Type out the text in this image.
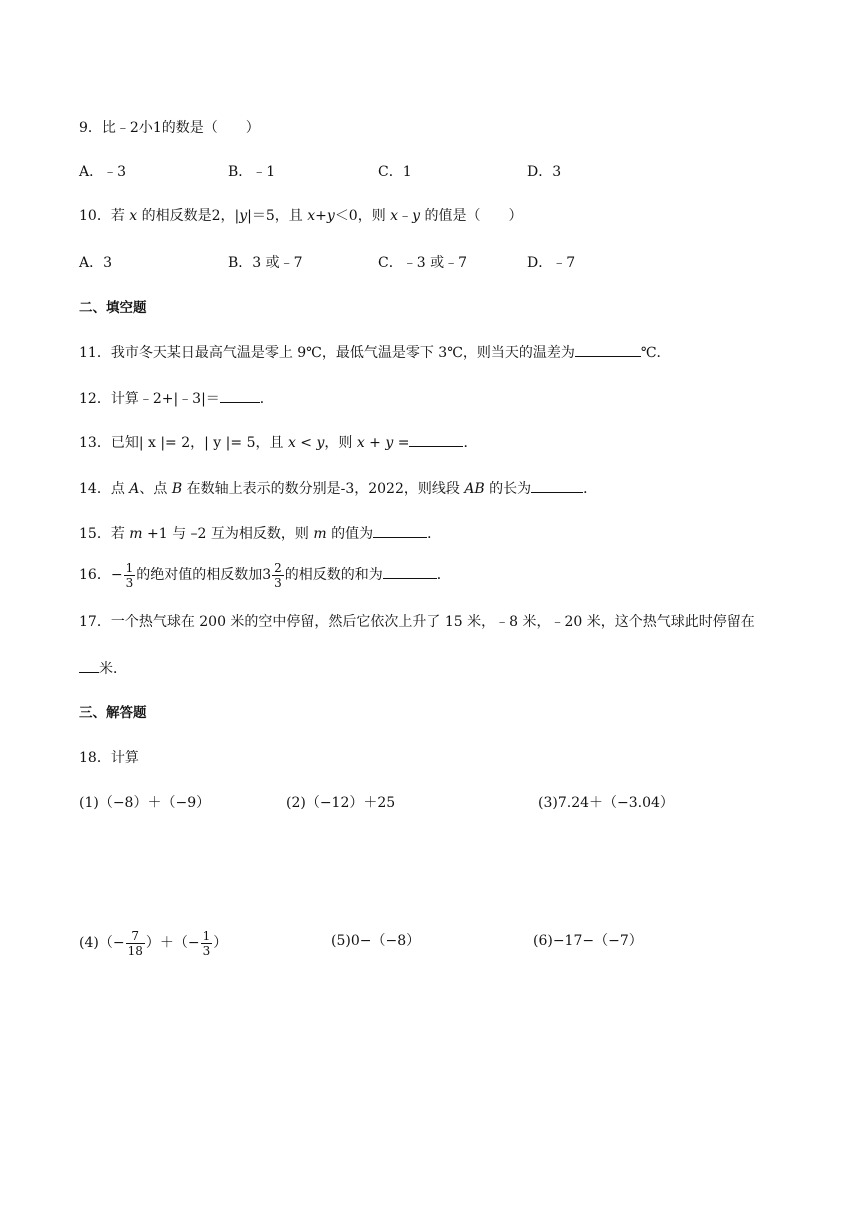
9．比﹣2小1的数是（　　）
A．﹣3	B．﹣1	C．1	D．3
10．若 x 的相反数是2，|y|＝5，且 x+y＜0，则 x﹣y 的值是（　　）
A．3	B．3 或﹣7	C．﹣3 或﹣7	D．﹣7
二、填空题
11．我市冬天某日最高气温是零上 9℃，最低气温是零下 3℃，则当天的温差为	℃．
12．计算﹣2+|﹣3|＝	．
13．已知| x |= 2，| y |= 5，且 x < y，则 x + y =	．
14．点 A、点 B 在数轴上表示的数分别是-3，2022，则线段 AB 的长为	．
15．若 m +1 与 –2 互为相反数，则 m 的值为	．
16．− $\frac{1}{3}$ 的绝对值的相反数加$3 \frac{2}{3}$ 的相反数的和为	．
17．一个热气球在 200 米的空中停留，然后它依次上升了 15 米，﹣8 米，﹣20 米，这个热气球此时停留在
米．
三、解答题
18．计算
(1)（−8）＋（−9）	(2)（−12）＋25	(3)7.24＋（−3.04）
$(4)(- \frac{7}{18}$ ）＋（− $\frac{1}{3}$ ）	(5)0−（−8）	(6)−17−（−7）
